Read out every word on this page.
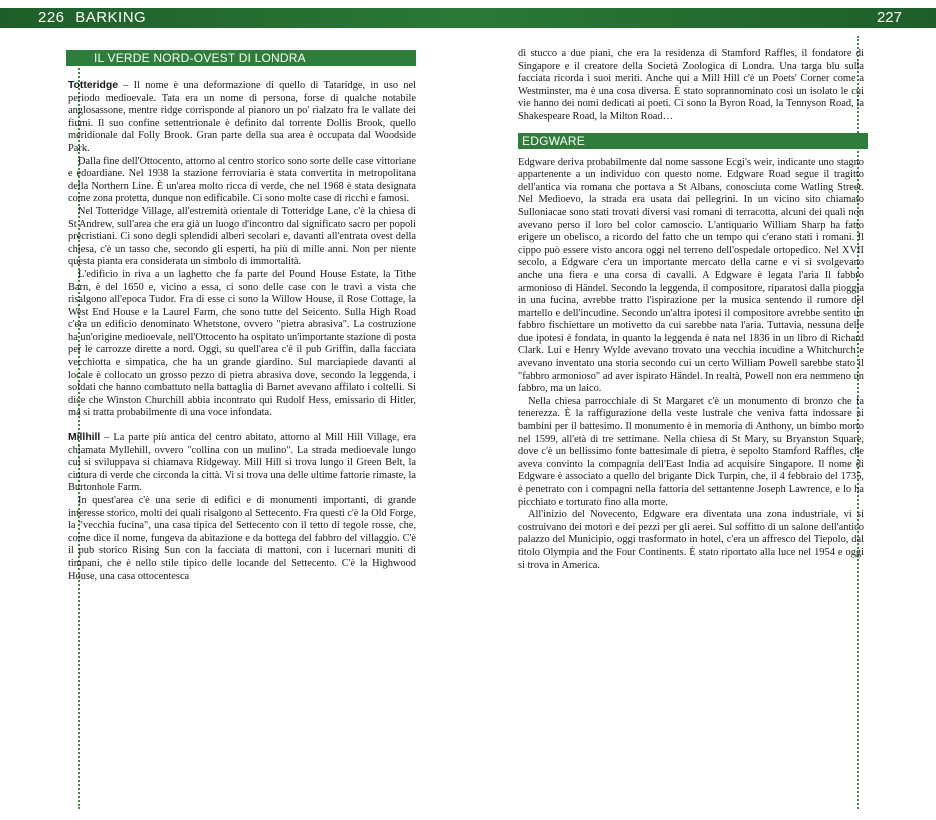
226 BARKING	227
IL VERDE NORD-OVEST DI LONDRA
Totteridge – Il nome è una deformazione di quello di Tataridge, in uso nel periodo medioevale. Tata era un nome di persona, forse di qualche notabile anglosassone, mentre ridge corrisponde al pianoro un po' rialzato fra le vallate dei fiumi. Il suo confine settentrionale è definito dal torrente Dollis Brook, quello meridionale dal Folly Brook. Gran parte della sua area è occupata dal Woodside Park.
Dalla fine dell'Ottocento, attorno al centro storico sono sorte delle case vittoriane e edoardiane. Nel 1938 la stazione ferroviaria è stata convertita in metropolitana della Northern Line. È un'area molto ricca di verde, che nel 1968 è stata designata come zona protetta, dunque non edificabile. Ci sono molte case di ricchi e famosi.
Nel Totteridge Village, all'estremità orientale di Totteridge Lane, c'è la chiesa di St Andrew, sull'area che era già un luogo d'incontro dal significato sacro per popoli precristiani. Ci sono degli splendidi alberi secolari e, davanti all'entrata ovest della chiesa, c'è un tasso che, secondo gli esperti, ha più di mille anni. Non per niente questa pianta era considerata un simbolo di immortalità.
L'edificio in riva a un laghetto che fa parte del Pound House Estate, la Tithe Barn, è del 1650 e, vicino a essa, ci sono delle case con le travi a vista che risalgono all'epoca Tudor. Fra di esse ci sono la Willow House, il Rose Cottage, la West End House e la Laurel Farm, che sono tutte del Seicento. Sulla High Road c'era un edificio denominato Whetstone, ovvero "pietra abrasiva". La costruzione ha un'origine medioevale, nell'Ottocento ha ospitato un'importante stazione di posta per le carrozze dirette a nord. Oggi, su quell'area c'è il pub Griffin, dalla facciata vecchiotta e simpatica, che ha un grande giardino. Sul marciapiede davanti al locale è collocato un grosso pezzo di pietra abrasiva dove, secondo la leggenda, i soldati che hanno combattuto nella battaglia di Barnet avevano affilato i coltelli. Si dice che Winston Churchill abbia incontrato qui Rudolf Hess, emissario di Hitler, ma si tratta probabilmente di una voce infondata.
Millhill – La parte più antica del centro abitato, attorno al Mill Hill Village, era chiamata Myllehill, ovvero "collina con un mulino". La strada medioevale lungo cui si sviluppava si chiamava Ridgeway. Mill Hill si trova lungo il Green Belt, la cintura di verde che circonda la città. Vi si trova una delle ultime fattorie rimaste, la Burtonhole Farm.
In quest'area c'è una serie di edifici e di monumenti importanti, di grande interesse storico, molti dei quali risalgono al Settecento. Fra questi c'è la Old Forge, la "vecchia fucina", una casa tipica del Settecento con il tetto di tegole rosse, che, come dice il nome, fungeva da abitazione e da bottega del fabbro del villaggio. C'è il pub storico Rising Sun con la facciata di mattoni, con i lucernari muniti di timpani, che è nello stile tipico delle locande del Settecento. C'è la Highwood House, una casa ottocentesca
di stucco a due piani, che era la residenza di Stamford Raffles, il fondatore di Singapore e il creatore della Società Zoologica di Londra. Una targa blu sulla facciata ricorda i suoi meriti. Anche qui a Mill Hill c'è un Poets' Corner come a Westminster, ma è una cosa diversa. È stato soprannominato così un isolato le cui vie hanno dei nomi dedicati ai poeti. Ci sono la Byron Road, la Tennyson Road, la Shakespeare Road, la Milton Road…
EDGWARE
Edgware deriva probabilmente dal nome sassone Ecgi's weir, indicante uno stagno appartenente a un individuo con questo nome. Edgware Road segue il tragitto dell'antica via romana che portava a St Albans, conosciuta come Watling Street. Nel Medioevo, la strada era usata dai pellegrini. In un vicino sito chiamato Sulloniacae sono stati trovati diversi vasi romani di terracotta, alcuni dei quali non avevano perso il loro bel color camoscio. L'antiquario William Sharp ha fatto erigere un obelisco, a ricordo del fatto che un tempo qui c'erano stati i romani. Il cippo può essere visto ancora oggi nel terreno dell'ospedale ortopedico. Nel XVII secolo, a Edgware c'era un importante mercato della carne e vi si svolgevano anche una fiera e una corsa di cavalli. A Edgware è legata l'aria Il fabbro armonioso di Händel. Secondo la leggenda, il compositore, riparatosi dalla pioggia in una fucina, avrebbe tratto l'ispirazione per la musica sentendo il rumore del martello e dell'incudine. Secondo un'altra ipotesi il compositore avrebbe sentito un fabbro fischiettare un motivetto da cui sarebbe nata l'aria. Tuttavia, nessuna delle due ipotesi è fondata, in quanto la leggenda è nata nel 1836 in un libro di Richard Clark. Lui e Henry Wylde avevano trovato una vecchia incudine a Whitchurch e avevano inventato una storia secondo cui un certo William Powell sarebbe stato il "fabbro armonioso" ad aver ispirato Händel. In realtà, Powell non era nemmeno un fabbro, ma un laico.
Nella chiesa parrocchiale di St Margaret c'è un monumento di bronzo che fa tenerezza. È la raffigurazione della veste lustrale che veniva fatta indossare ai bambini per il battesimo. Il monumento è in memoria di Anthony, un bimbo morto nel 1599, all'età di tre settimane. Nella chiesa di St Mary, su Bryanston Square, dove c'è un bellissimo fonte battesimale di pietra, è sepolto Stamford Raffles, che aveva convinto la compagnia dell'East India ad acquisire Singapore. Il nome di Edgware è associato a quello del brigante Dick Turpin, che, il 4 febbraio del 1735, è penetrato con i compagni nella fattoria del settantenne Joseph Lawrence, e lo ha picchiato e torturato fino alla morte.
All'inizio del Novecento, Edgware era diventata una zona industriale, vi si costruivano dei motori e dei pezzi per gli aerei. Sul soffitto di un salone dell'antico palazzo del Municipio, oggi trasformato in hotel, c'era un affresco del Tiepolo, dal titolo Olympia and the Four Continents. È stato riportato alla luce nel 1954 e oggi si trova in America.
